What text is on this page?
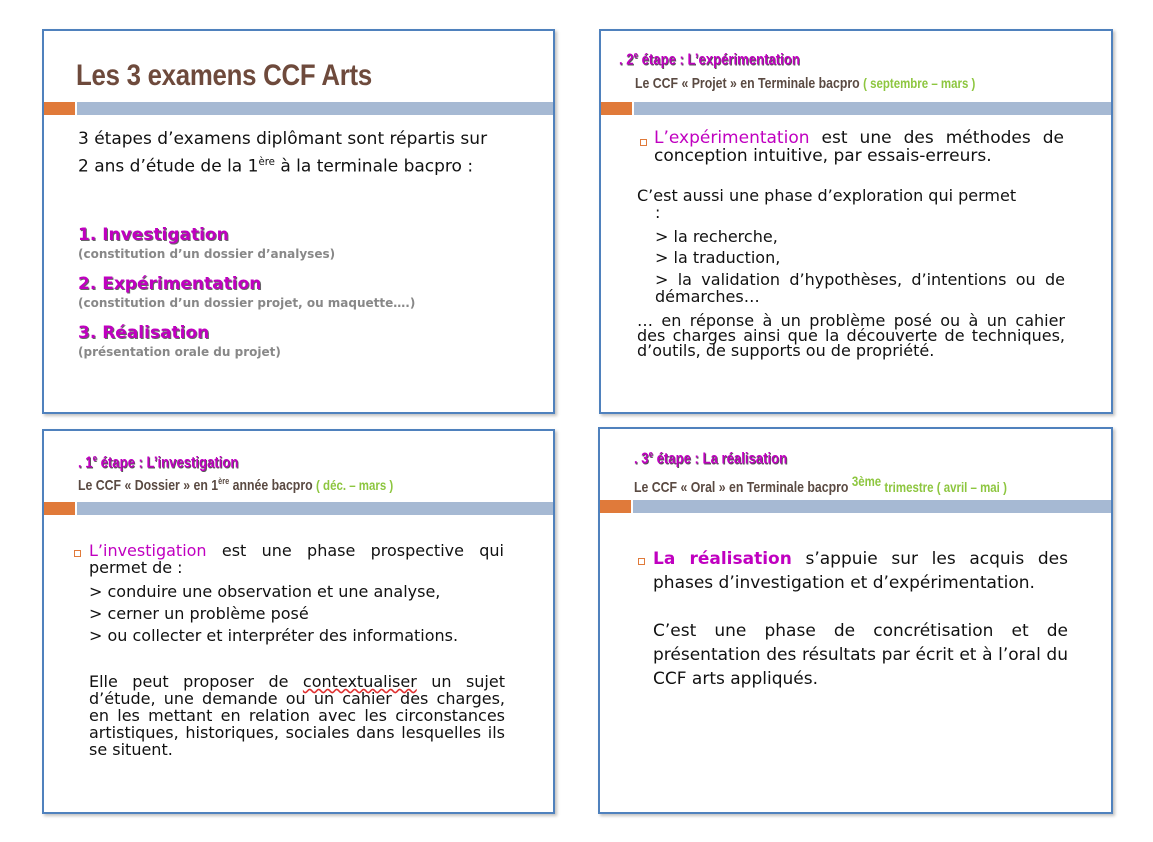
Les 3 examens CCF Arts
3 étapes d’examens diplômant sont répartis sur
2 ans d’étude de la 1ère à la terminale bacpro :
1. Investigation
(constitution d’un dossier d’analyses)
2. Expérimentation
(constitution d’un dossier projet, ou maquette….)
3. Réalisation
(présentation orale du projet)
. 2e étape : L’expérimentation
Le CCF « Projet » en Terminale bacpro ( septembre – mars )
L’expérimentation est une des méthodes de conception intuitive, par essais-erreurs.
C’est aussi une phase d’exploration qui permet
:
> la recherche,
> la traduction,
> la validation d’hypothèses, d’intentions ou de démarches…
… en réponse à un problème posé ou à un cahier des charges ainsi que la découverte de techniques, d’outils, de supports ou de propriété.
. 1e étape : L’investigation
Le CCF « Dossier » en 1ère année bacpro ( déc. – mars )
L’investigation est une phase prospective qui permet de :
> conduire une observation et une analyse,
> cerner un problème posé
> ou collecter et interpréter des informations.
Elle peut proposer de contextualiser un sujet d’étude, une demande ou un cahier des charges, en les mettant en relation avec les circonstances artistiques, historiques, sociales dans lesquelles ils se situent.
. 3e étape : La réalisation
Le CCF « Oral » en Terminale bacpro $^{3ème}$ trimestre ( avril – mai )
La réalisation s’appuie sur les acquis des phases d’investigation et d’expérimentation.
C’est une phase de concrétisation et de présentation des résultats par écrit et à l’oral du CCF arts appliqués.
